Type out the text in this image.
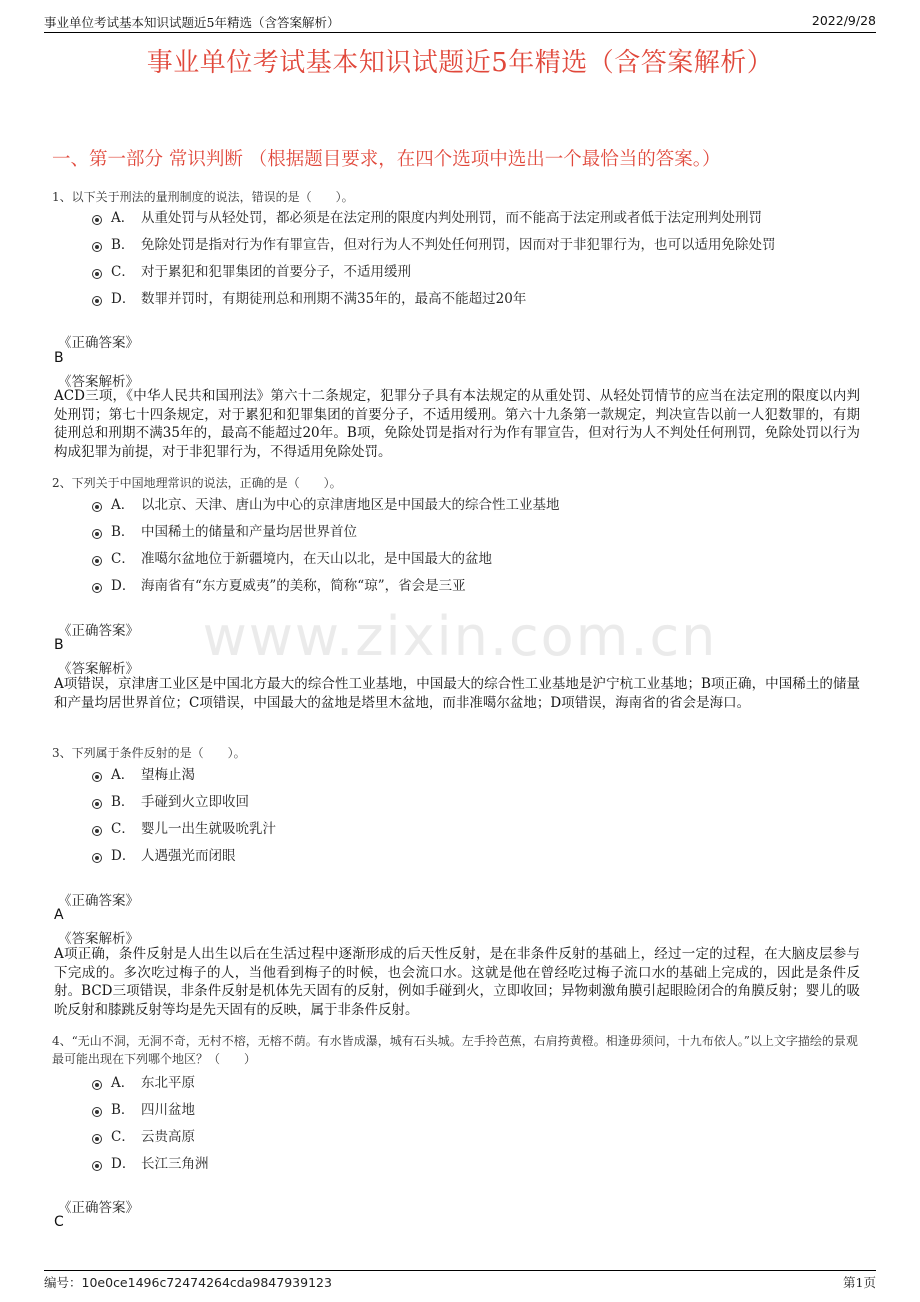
事业单位考试基本知识试题近5年精选（含答案解析）	2022/9/28
事业单位考试基本知识试题近5年精选（含答案解析）
一、第一部分 常识判断 （根据题目要求，在四个选项中选出一个最恰当的答案。）
www.zixin.com.cn
1、以下关于刑法的量刑制度的说法，错误的是（　　）。
A． 从重处罚与从轻处罚，都必须是在法定刑的限度内判处刑罚，而不能高于法定刑或者低于法定刑判处刑罚
B． 免除处罚是指对行为作有罪宣告，但对行为人不判处任何刑罚，因而对于非犯罪行为，也可以适用免除处罚
C． 对于累犯和犯罪集团的首要分子，不适用缓刑
D． 数罪并罚时，有期徒刑总和刑期不满35年的，最高不能超过20年
《正确答案》
B
《答案解析》
ACD三项，《中华人民共和国刑法》第六十二条规定，犯罪分子具有本法规定的从重处罚、从轻处罚情节的应当在法定刑的限度以内判处刑罚；第七十四条规定，对于累犯和犯罪集团的首要分子，不适用缓刑。第六十九条第一款规定，判决宣告以前一人犯数罪的，有期徒刑总和刑期不满35年的，最高不能超过20年。B项，免除处罚是指对行为作有罪宣告，但对行为人不判处任何刑罚，免除处罚以行为构成犯罪为前提，对于非犯罪行为，不得适用免除处罚。
2、下列关于中国地理常识的说法，正确的是（　　）。
A． 以北京、天津、唐山为中心的京津唐地区是中国最大的综合性工业基地
B． 中国稀土的储量和产量均居世界首位
C． 准噶尔盆地位于新疆境内，在天山以北，是中国最大的盆地
D． 海南省有“东方夏威夷”的美称，简称“琼”，省会是三亚
《正确答案》
B
《答案解析》
A项错误，京津唐工业区是中国北方最大的综合性工业基地，中国最大的综合性工业基地是沪宁杭工业基地；B项正确，中国稀土的储量和产量均居世界首位；C项错误，中国最大的盆地是塔里木盆地，而非准噶尔盆地；D项错误，海南省的省会是海口。
3、下列属于条件反射的是（　　）。
A． 望梅止渴
B． 手碰到火立即收回
C． 婴儿一出生就吸吮乳汁
D． 人遇强光而闭眼
《正确答案》
A
《答案解析》
A项正确，条件反射是人出生以后在生活过程中逐渐形成的后天性反射，是在非条件反射的基础上，经过一定的过程，在大脑皮层参与下完成的。多次吃过梅子的人，当他看到梅子的时候，也会流口水。这就是他在曾经吃过梅子流口水的基础上完成的，因此是条件反射。BCD三项错误，非条件反射是机体先天固有的反射，例如手碰到火，立即收回；异物刺激角膜引起眼睑闭合的角膜反射；婴儿的吸吮反射和膝跳反射等均是先天固有的反映，属于非条件反射。
4、“无山不洞，无洞不奇，无村不榕，无榕不荫。有水皆成瀑，城有石头城。左手拎芭蕉，右肩挎黄橙。相逢毋须问，十九布依人。”以上文字描绘的景观最可能出现在下列哪个地区？（　　）
A． 东北平原
B． 四川盆地
C． 云贵高原
D． 长江三角洲
《正确答案》
C
编号：10e0ce1496c72474264cda9847939123	第1页
